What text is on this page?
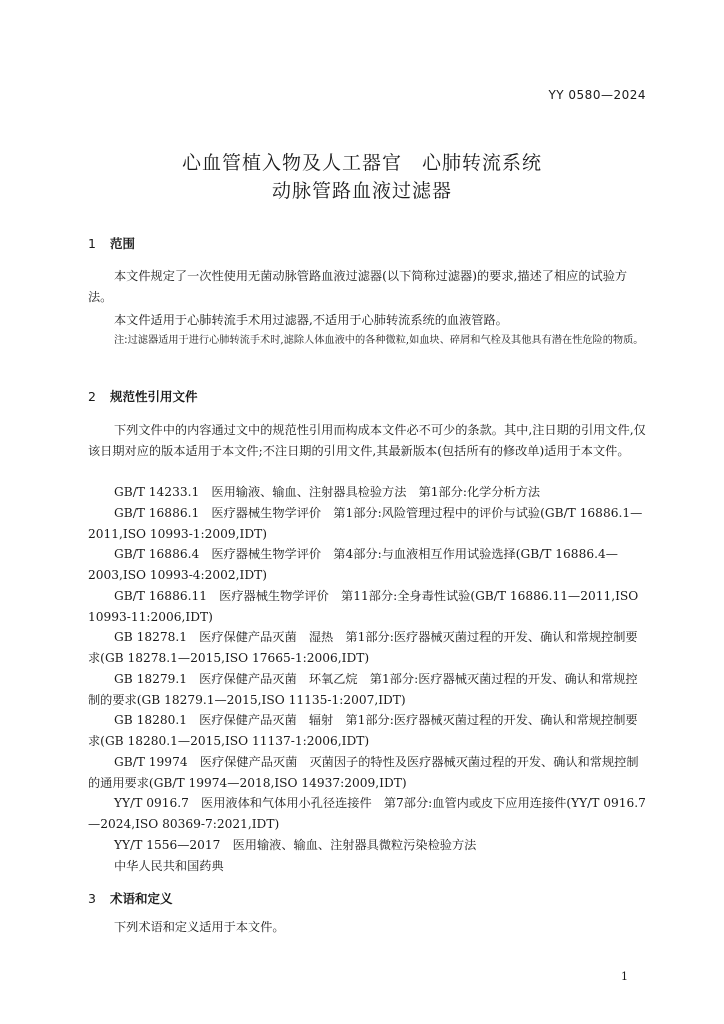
YY 0580—2024
心血管植入物及人工器官　心肺转流系统
动脉管路血液过滤器
1 范围
本文件规定了一次性使用无菌动脉管路血液过滤器(以下简称过滤器)的要求,描述了相应的试验方法。
本文件适用于心肺转流手术用过滤器,不适用于心肺转流系统的血液管路。
注:过滤器适用于进行心肺转流手术时,滤除人体血液中的各种微粒,如血块、碎屑和气栓及其他具有潜在性危险的物质。
2 规范性引用文件
下列文件中的内容通过文中的规范性引用而构成本文件必不可少的条款。其中,注日期的引用文件,仅该日期对应的版本适用于本文件;不注日期的引用文件,其最新版本(包括所有的修改单)适用于本文件。
GB/T 14233.1　医用输液、输血、注射器具检验方法　第1部分:化学分析方法
GB/T 16886.1　医疗器械生物学评价　第1部分:风险管理过程中的评价与试验(GB/T 16886.1—2011,ISO 10993-1:2009,IDT)
GB/T 16886.4　医疗器械生物学评价　第4部分:与血液相互作用试验选择(GB/T 16886.4—2003,ISO 10993-4:2002,IDT)
GB/T 16886.11　医疗器械生物学评价　第11部分:全身毒性试验(GB/T 16886.11—2011,ISO 10993-11:2006,IDT)
GB 18278.1　医疗保健产品灭菌　湿热　第1部分:医疗器械灭菌过程的开发、确认和常规控制要求(GB 18278.1—2015,ISO 17665-1:2006,IDT)
GB 18279.1　医疗保健产品灭菌　环氧乙烷　第1部分:医疗器械灭菌过程的开发、确认和常规控制的要求(GB 18279.1—2015,ISO 11135-1:2007,IDT)
GB 18280.1　医疗保健产品灭菌　辐射　第1部分:医疗器械灭菌过程的开发、确认和常规控制要求(GB 18280.1—2015,ISO 11137-1:2006,IDT)
GB/T 19974　医疗保健产品灭菌　灭菌因子的特性及医疗器械灭菌过程的开发、确认和常规控制的通用要求(GB/T 19974—2018,ISO 14937:2009,IDT)
YY/T 0916.7　医用液体和气体用小孔径连接件　第7部分:血管内或皮下应用连接件(YY/T 0916.7—2024,ISO 80369-7:2021,IDT)
YY/T 1556—2017　医用输液、输血、注射器具微粒污染检验方法
中华人民共和国药典
3 术语和定义
下列术语和定义适用于本文件。
1
